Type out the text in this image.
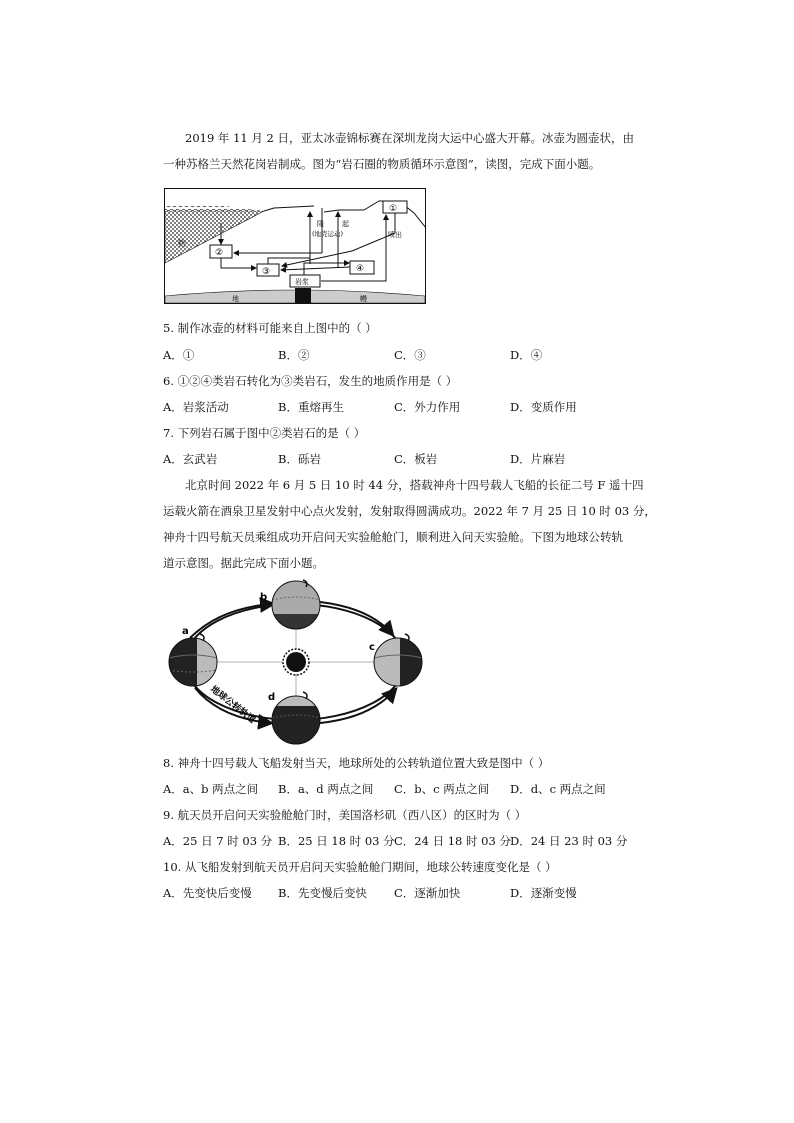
2019 年 11 月 2 日，亚太冰壶锦标赛在深圳龙岗大运中心盛大开幕。冰壶为圆壶状，由
一种苏格兰天然花岗岩制成。图为“岩石圈的物质循环示意图”，读图，完成下面小题。
物
②
③	④
①
岩浆
隆	起
(地壳运动)	喷出
地	幔
5. 制作冰壶的材料可能来自上图中的（ ）
A．①	B．②	C．③	D．④
6. ①②④类岩石转化为③类岩石，发生的地质作用是（ ）
A．岩浆活动	B．重熔再生	C．外力作用	D．变质作用
7. 下列岩石属于图中②类岩石的是（ ）
A．玄武岩	B．砾岩	C．板岩	D．片麻岩
北京时间 2022 年 6 月 5 日 10 时 44 分，搭载神舟十四号载人飞船的长征二号 F 遥十四
运载火箭在酒泉卫星发射中心点火发射，发射取得圆满成功。2022 年 7 月 25 日 10 时 03 分，
神舟十四号航天员乘组成功开启问天实验舱舱门，顺利进入问天实验舱。下图为地球公转轨
道示意图。据此完成下面小题。
a
b
c
d
地球公转轨道
8. 神舟十四号载人飞船发射当天，地球所处的公转轨道位置大致是图中（ ）
A．a、b 两点之间 B．a、d 两点之间 C．b、c 两点之间 D．d、c 两点之间
9. 航天员开启问天实验舱舱门时，美国洛杉矶（西八区）的区时为（ ）
A．25 日 7 时 03 分 B．25 日 18 时 03 分 C．24 日 18 时 03 分 D．24 日 23 时 03 分
10. 从飞船发射到航天员开启问天实验舱舱门期间，地球公转速度变化是（ ）
A．先变快后变慢 B．先变慢后变快 C．逐渐加快	D．逐渐变慢
